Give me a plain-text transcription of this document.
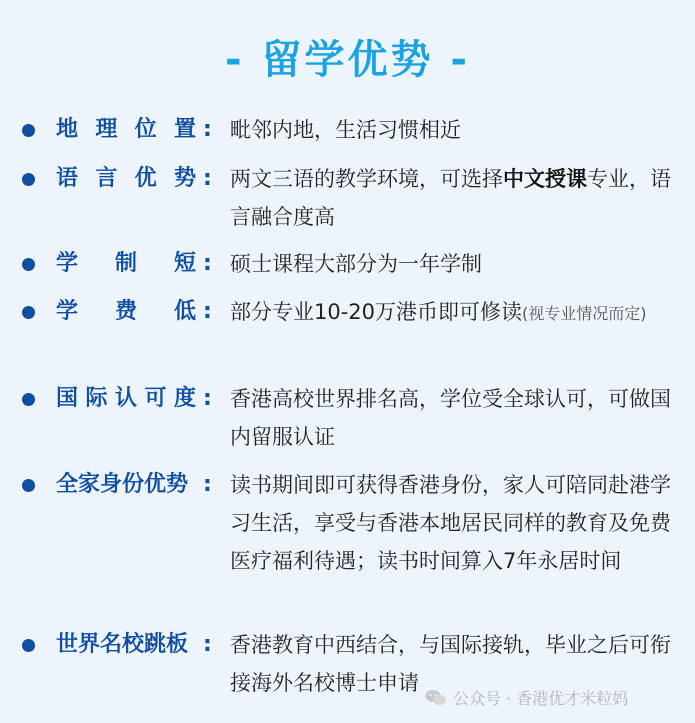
- 留学优势 -
地 理 位 置 : 毗邻内地，生活习惯相近
语 言 优 势 : 两文三语的教学环境，可选择中文授课专业，语言融合度高
学 制 短 : 硕士课程大部分为一年学制
学 费 低 : 部分专业10-20万港币即可修读(视专业情况而定)
国 际 认 可 度 : 香港高校世界排名高，学位受全球认可，可做国内留服认证
全家身份优势 : 读书期间即可获得香港身份，家人可陪同赴港学习生活，享受与香港本地居民同样的教育及免费医疗福利待遇；读书时间算入7年永居时间
世界名校跳板 : 香港教育中西结合，与国际接轨，毕业之后可衔接海外名校博士申请
公众号 · 香港优才米粒妈
